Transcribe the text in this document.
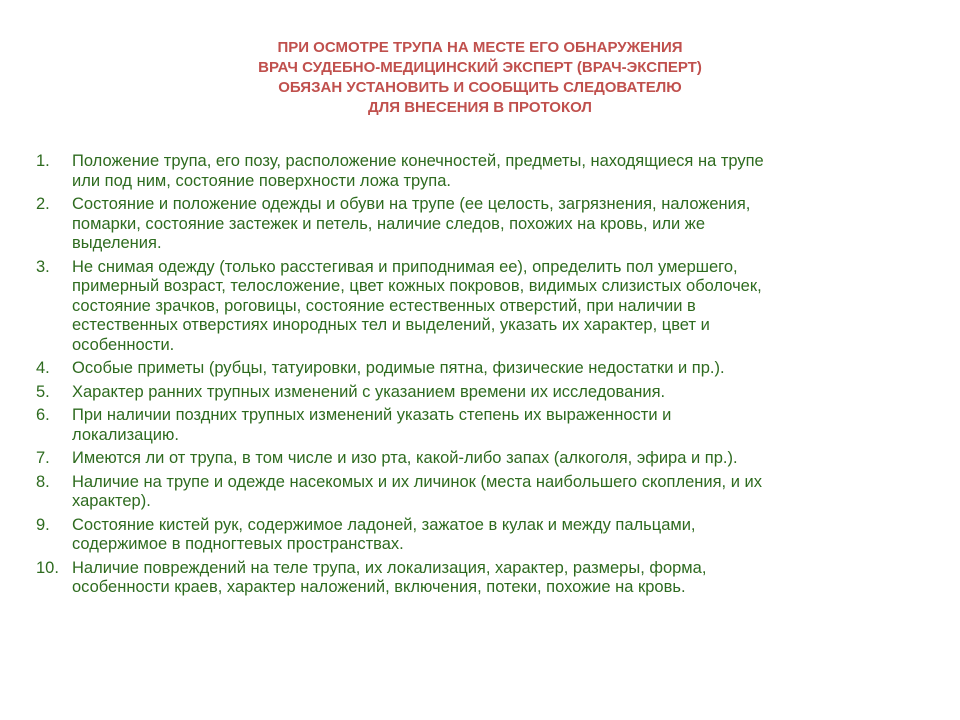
ПРИ ОСМОТРЕ ТРУПА НА МЕСТЕ ЕГО ОБНАРУЖЕНИЯ
ВРАЧ СУДЕБНО-МЕДИЦИНСКИЙ ЭКСПЕРТ (ВРАЧ-ЭКСПЕРТ)
ОБЯЗАН УСТАНОВИТЬ И СООБЩИТЬ СЛЕДОВАТЕЛЮ
ДЛЯ ВНЕСЕНИЯ В ПРОТОКОЛ
1.	Положение трупа, его позу, расположение конечностей, предметы, находящиеся на трупе
или под ним, состояние поверхности ложа трупа.
2.	Состояние и положение одежды и обуви на трупе (ее целость, загрязнения, наложения,
помарки, состояние застежек и петель, наличие следов, похожих на кровь, или же
выделения.
3.	Не снимая одежду (только расстегивая и приподнимая ее), определить пол умершего,
примерный возраст, телосложение, цвет кожных покровов, видимых слизистых оболочек,
состояние зрачков, роговицы, состояние естественных отверстий, при наличии в
естественных отверстиях инородных тел и выделений, указать их характер, цвет и
особенности.
4.	Особые приметы (рубцы, татуировки, родимые пятна, физические недостатки и пр.).
5.	Характер ранних трупных изменений с указанием времени их исследования.
6.	При наличии поздних трупных изменений указать степень их выраженности и
локализацию.
7.	Имеются ли от трупа, в том числе и изо рта, какой-либо запах (алкоголя, эфира и пр.).
8.	Наличие на трупе и одежде насекомых и их личинок (места наибольшего скопления, и их
характер).
9.	Состояние кистей рук, содержимое ладоней, зажатое в кулак и между пальцами,
содержимое в подногтевых пространствах.
10. Наличие повреждений на теле трупа, их локализация, характер, размеры, форма,
особенности краев, характер наложений, включения, потеки, похожие на кровь.
